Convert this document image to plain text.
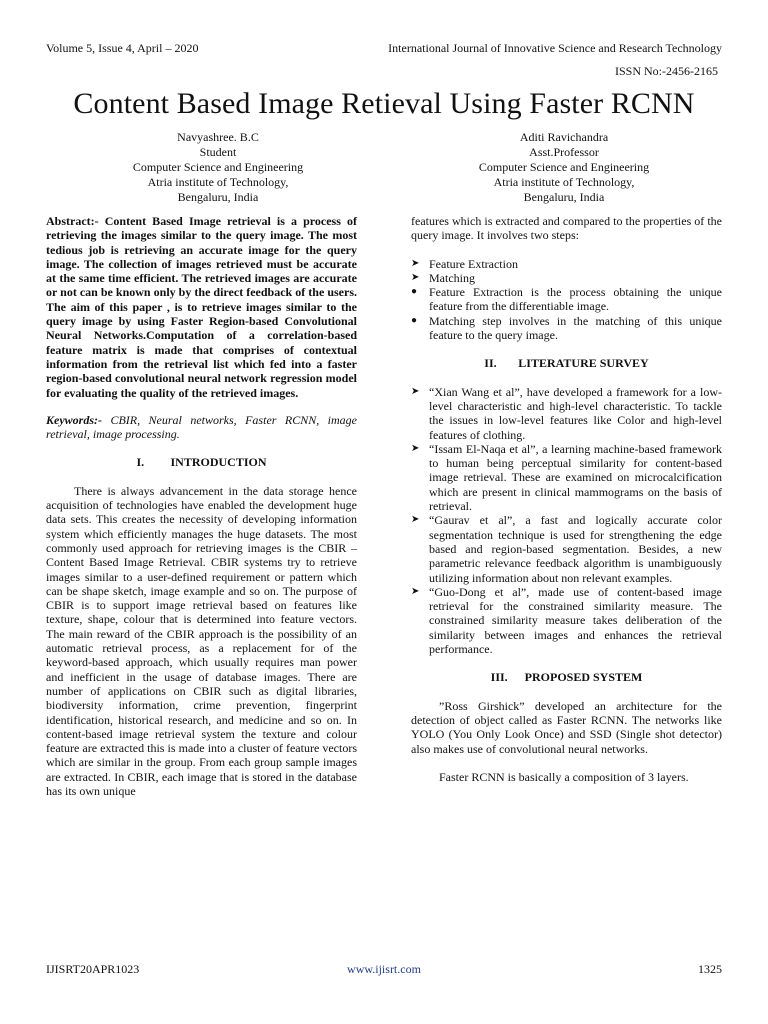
Volume 5, Issue 4, April – 2020	International Journal of Innovative Science and Research Technology
ISSN No:-2456-2165
Content Based Image Retieval Using Faster RCNN
Navyashree. B.C
Student
Computer Science and Engineering
Atria institute of Technology,
Bengaluru, India
Aditi Ravichandra
Asst.Professor
Computer Science and Engineering
Atria institute of Technology,
Bengaluru, India

Abstract:- Content Based Image retrieval is a process of retrieving the images similar to the query image. The most tedious job is retrieving an accurate image for the query image. The collection of images retrieved must be accurate at the same time efficient. The retrieved images are accurate or not can be known only by the direct feedback of the users. The aim of this paper , is to retrieve images similar to the query image by using Faster Region-based Convolutional Neural Networks.Computation of a correlation-based feature matrix is made that comprises of contextual information from the retrieval list which fed into a faster region-based convolutional neural network regression model for evaluating the quality of the retrieved images.

Keywords:- CBIR, Neural networks, Faster RCNN, image retrieval, image processing.

I. INTRODUCTION

There is always advancement in the data storage hence acquisition of technologies have enabled the development huge data sets. This creates the necessity of developing information system which efficiently manages the huge datasets. The most commonly used approach for retrieving images is the CBIR – Content Based Image Retrieval. CBIR systems try to retrieve images similar to a user-defined requirement or pattern which can be shape sketch, image example and so on. The purpose of CBIR is to support image retrieval based on features like texture, shape, colour that is determined into feature vectors. The main reward of the CBIR approach is the possibility of an automatic retrieval process, as a replacement for of the keyword-based approach, which usually requires man power and inefficient in the usage of database images. There are number of applications on CBIR such as digital libraries, biodiversity information, crime prevention, fingerprint identification, historical research, and medicine and so on. In content-based image retrieval system the texture and colour feature are extracted this is made into a cluster of feature vectors which are similar in the group. From each group sample images are extracted. In CBIR, each image that is stored in the database has its own unique

features which is extracted and compared to the properties of the query image. It involves two steps:

➤ Feature Extraction
➤ Matching
● Feature Extraction is the process obtaining the unique feature from the differentiable image.
● Matching step involves in the matching of this unique feature to the query image.

II. LITERATURE SURVEY

➤ “Xian Wang et al”, have developed a framework for a low-level characteristic and high-level characteristic. To tackle the issues in low-level features like Color and high-level features of clothing.
➤ “Issam El-Naqa et al”, a learning machine-based framework to human being perceptual similarity for content-based image retrieval. These are examined on microcalcification which are present in clinical mammograms on the basis of retrieval.
➤ “Gaurav et al”, a fast and logically accurate color segmentation technique is used for strengthening the edge based and region-based segmentation. Besides, a new parametric relevance feedback algorithm is unambiguously utilizing information about non relevant examples.
➤ “Guo-Dong et al”, made use of content-based image retrieval for the constrained similarity measure. The constrained similarity measure takes deliberation of the similarity between images and enhances the retrieval performance.

III. PROPOSED SYSTEM

”Ross Girshick” developed an architecture for the detection of object called as Faster RCNN. The networks like YOLO (You Only Look Once) and SSD (Single shot detector) also makes use of convolutional neural networks.

Faster RCNN is basically a composition of 3 layers.

IJISRT20APR1023	www.ijisrt.com	1325
